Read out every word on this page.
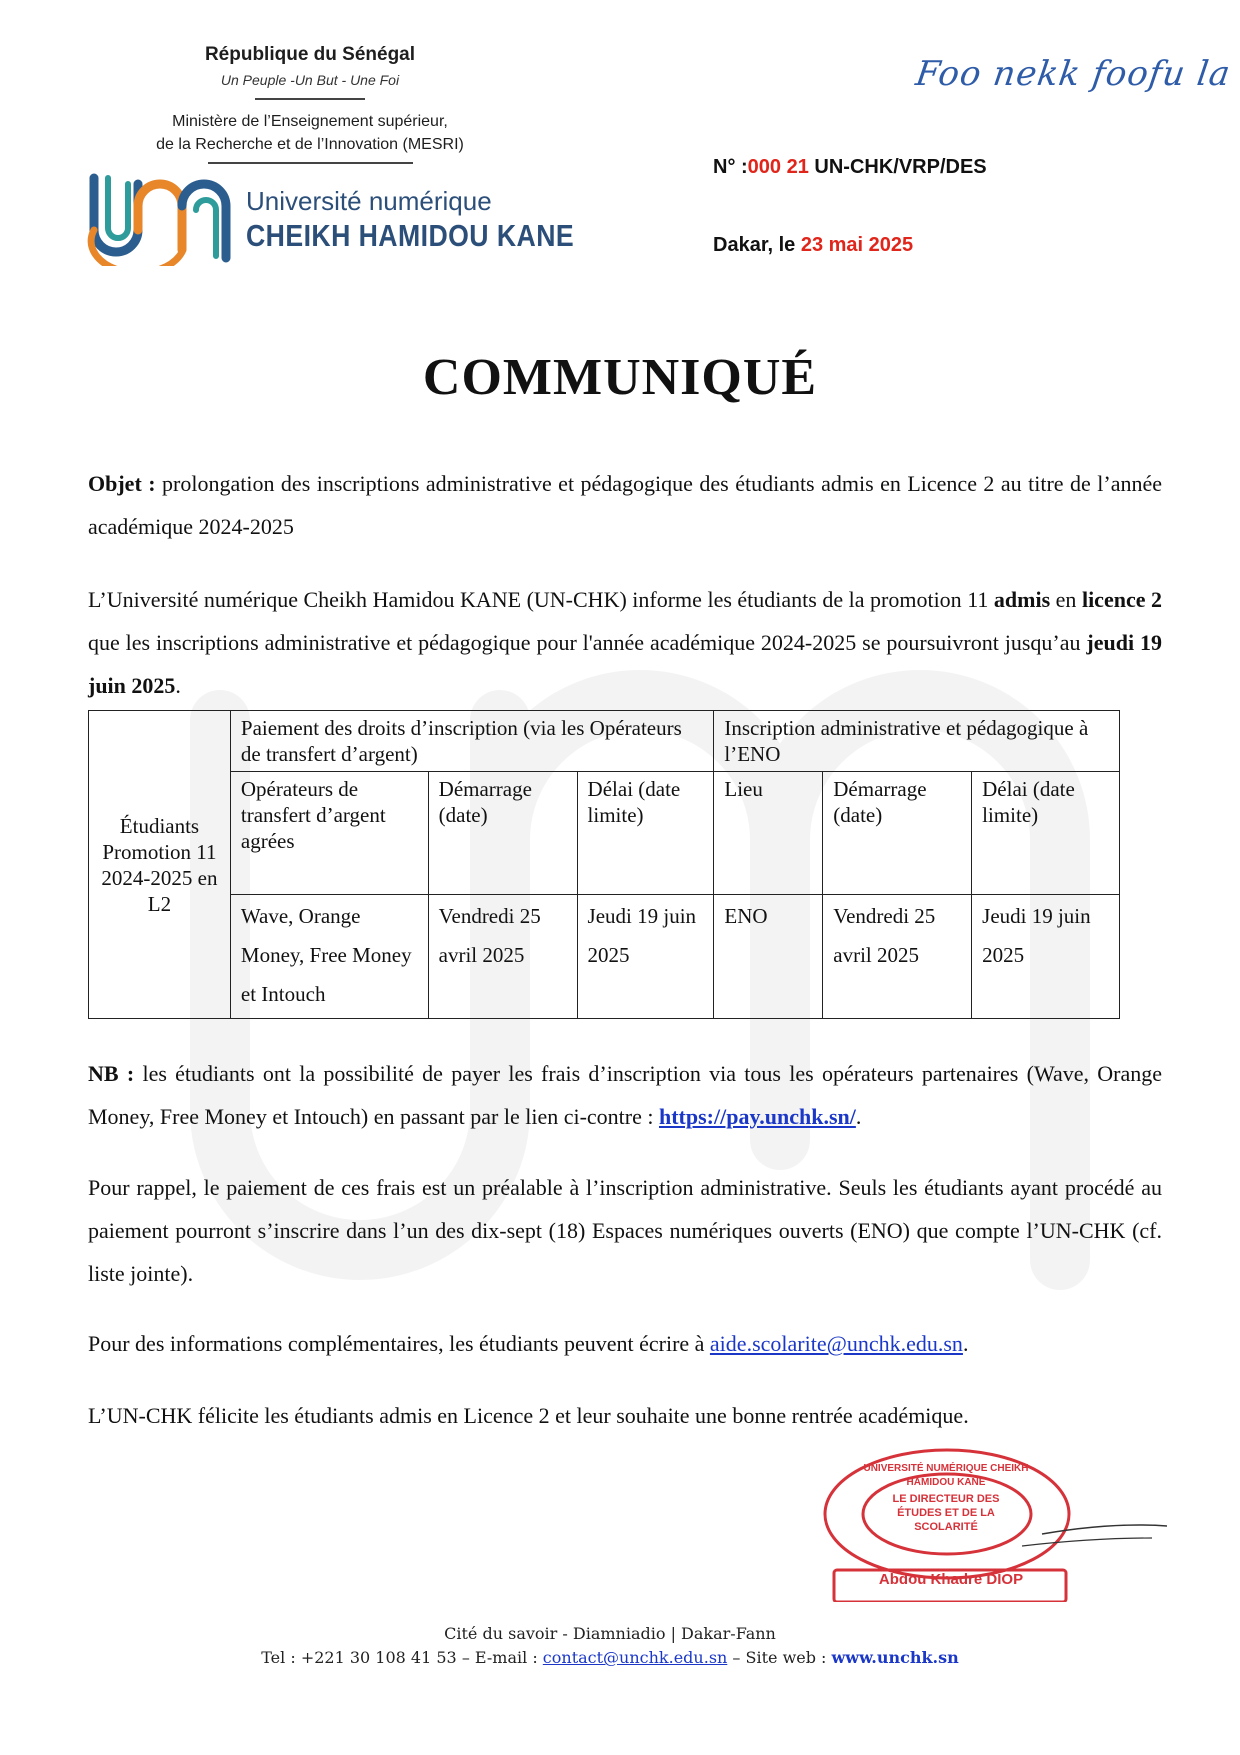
République du Sénégal
Un Peuple -Un But - Une Foi
Ministère de l’Enseignement supérieur,
de la Recherche et de l’Innovation (MESRI)
Université numérique
CHEIKH HAMIDOU KANE
Foo nekk foofu la
N° :000 21 UN-CHK/VRP/DES
Dakar, le 23 mai 2025
COMMUNIQUÉ
Objet : prolongation des inscriptions administrative et pédagogique des étudiants admis en Licence 2 au titre de l’année académique 2024-2025
L’Université numérique Cheikh Hamidou KANE (UN-CHK) informe les étudiants de la promotion 11 admis en licence 2 que les inscriptions administrative et pédagogique pour l'année académique 2024-2025 se poursuivront jusqu’au jeudi 19 juin 2025.
Étudiants Promotion 11 2024-2025 en L2	Paiement des droits d’inscription (via les Opérateurs de transfert d’argent)			Inscription administrative et pédagogique à l’ENO		
	Opérateurs de transfert d’argent agrées	Démarrage (date)	Délai (date limite)	Lieu	Démarrage (date)	Délai (date limite)
	Wave, Orange Money, Free Money et Intouch	Vendredi 25 avril 2025	Jeudi 19 juin 2025	ENO	Vendredi 25 avril 2025	Jeudi 19 juin 2025
NB : les étudiants ont la possibilité de payer les frais d’inscription via tous les opérateurs partenaires (Wave, Orange Money, Free Money et Intouch) en passant par le lien ci-contre : https://pay.unchk.sn/.
Pour rappel, le paiement de ces frais est un préalable à l’inscription administrative. Seuls les étudiants ayant procédé au paiement pourront s’inscrire dans l’un des dix-sept (18) Espaces numériques ouverts (ENO) que compte l’UN-CHK (cf. liste jointe).
Pour des informations complémentaires, les étudiants peuvent écrire à aide.scolarite@unchk.edu.sn.
L’UN-CHK félicite les étudiants admis en Licence 2 et leur souhaite une bonne rentrée académique.
UNIVERSITÉ NUMÉRIQUE CHEIKH HAMIDOU KANE
LE DIRECTEUR DES ÉTUDES ET DE LA SCOLARITÉ
Abdou Khadre DIOP
Cité du savoir - Diamniadio | Dakar-Fann
Tel : +221 30 108 41 53 – E-mail : contact@unchk.edu.sn – Site web : www.unchk.sn
